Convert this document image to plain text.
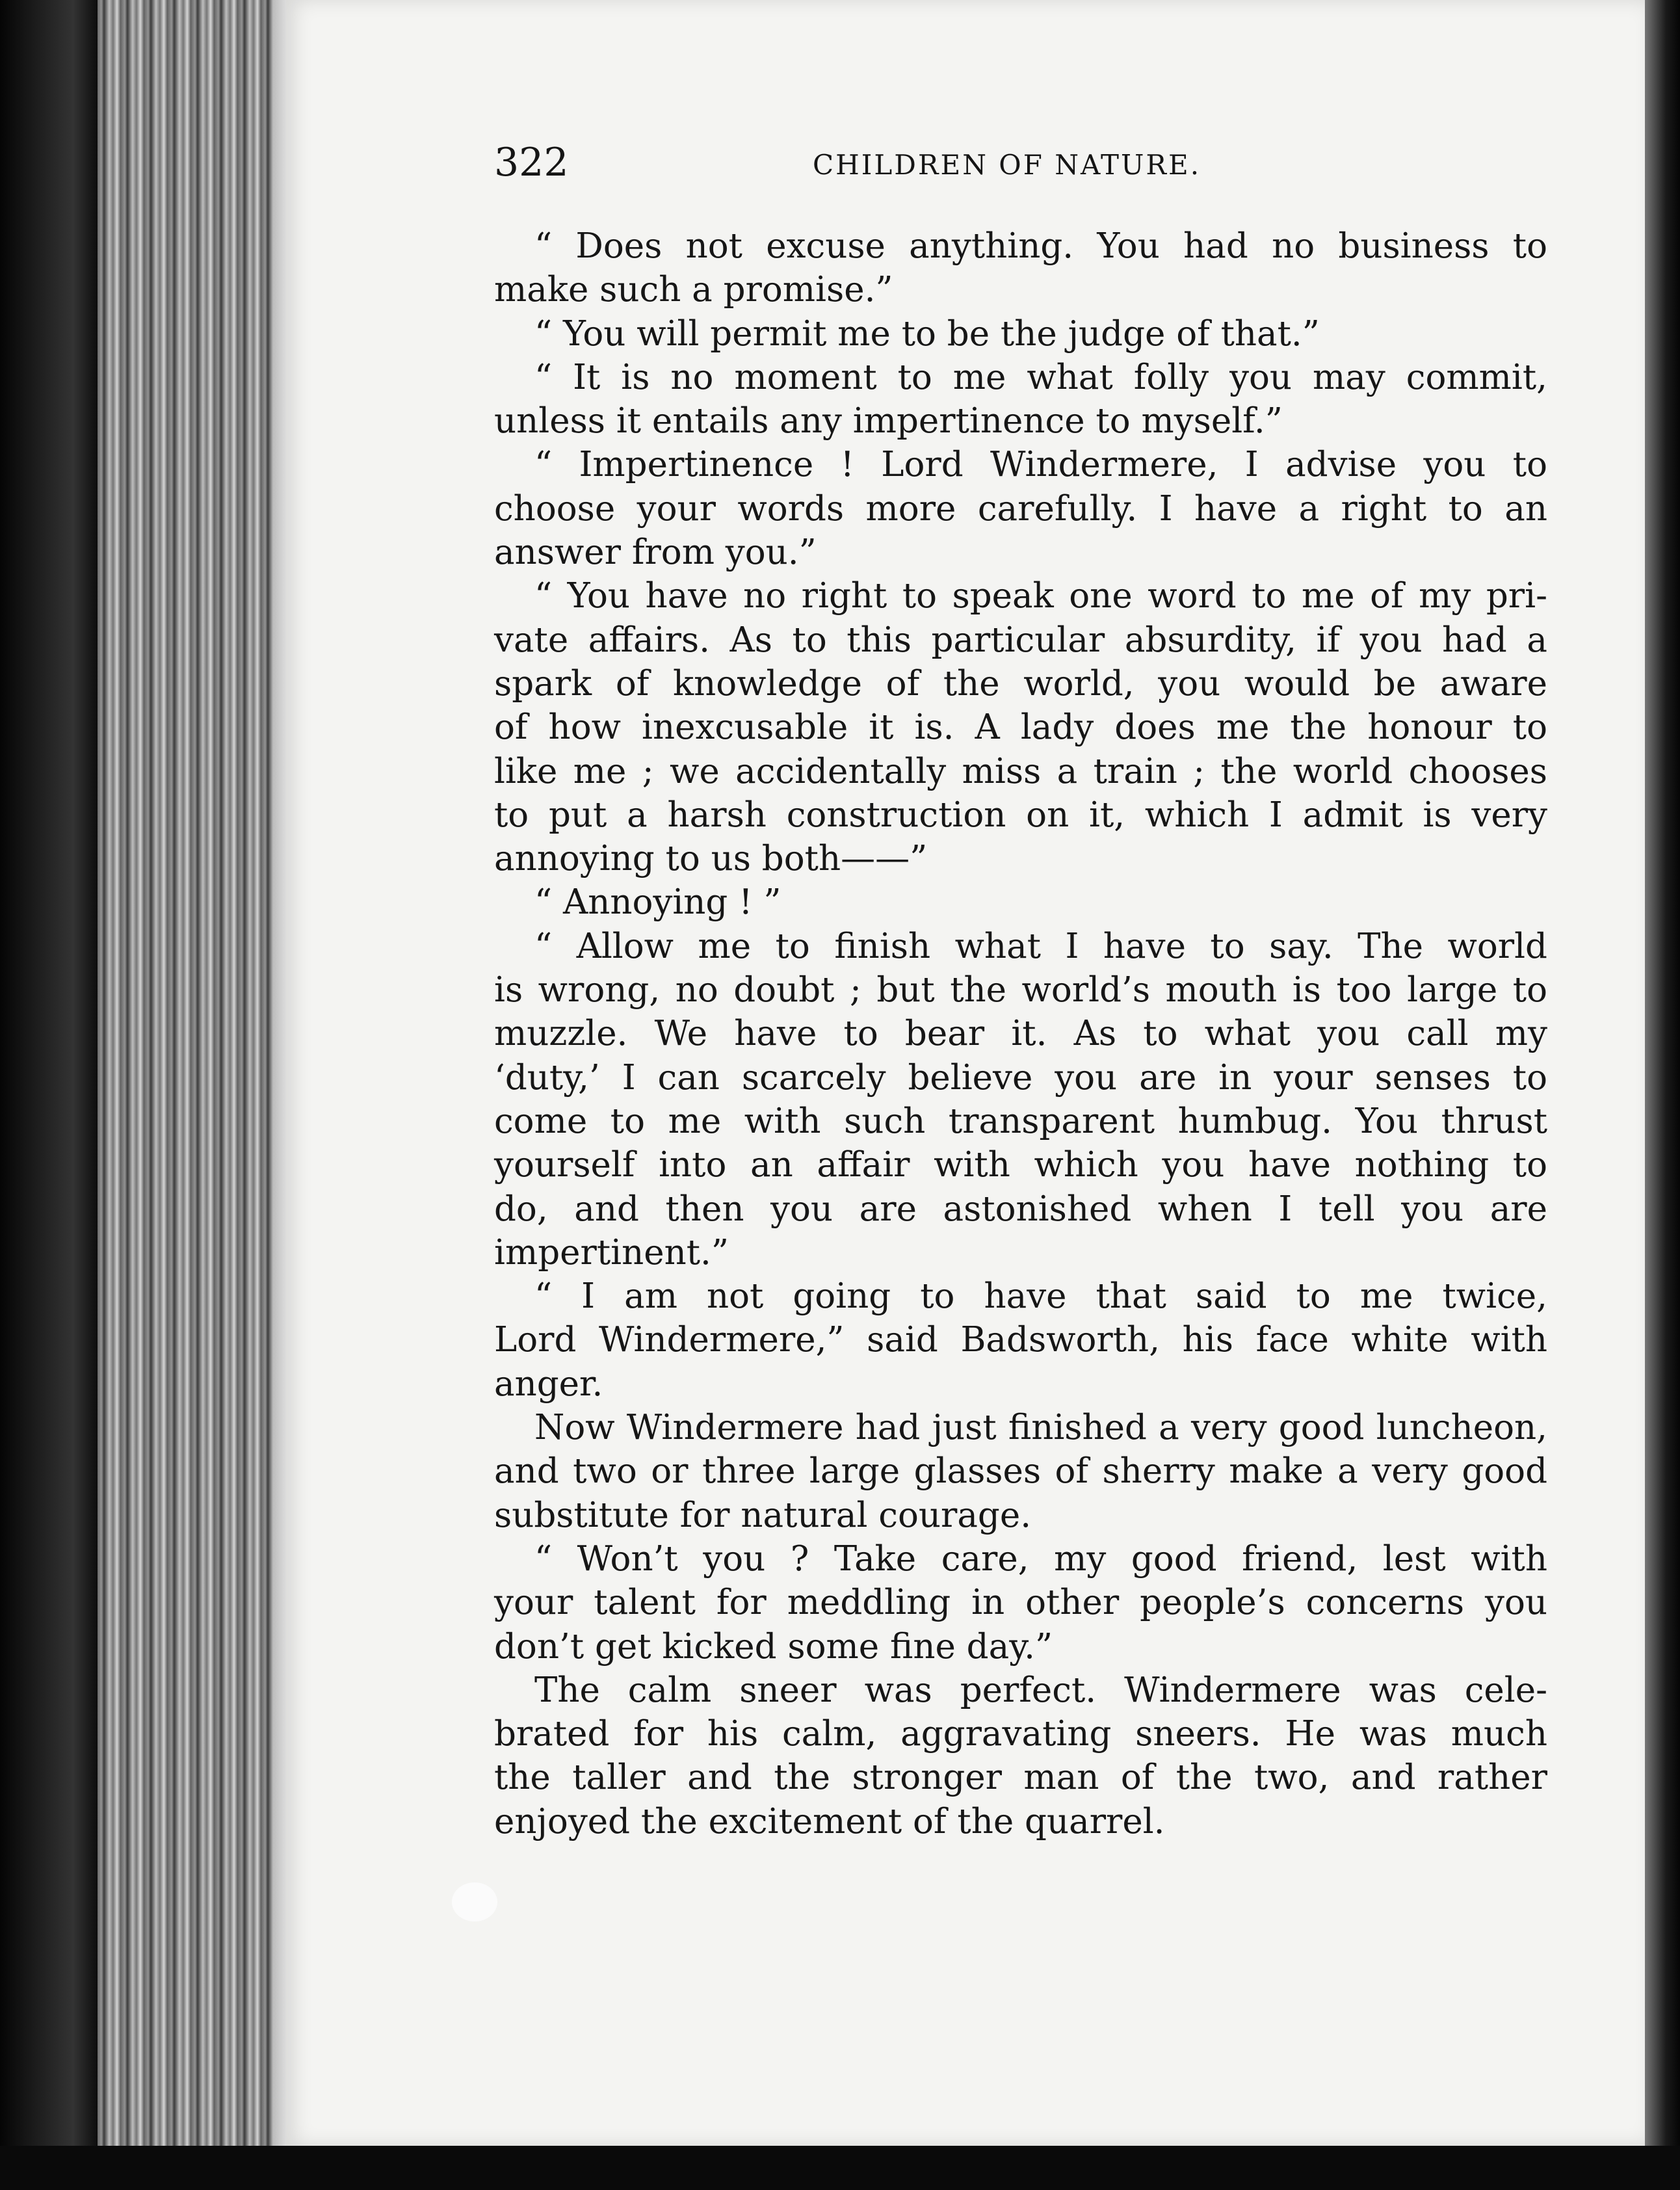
322	CHILDREN OF NATURE.
“ Does not excuse anything. You had no business to
make such a promise.”
“ You will permit me to be the judge of that.”
“ It is no moment to me what folly you may commit,
unless it entails any impertinence to myself.”
“ Impertinence ! Lord Windermere, I advise you to
choose your words more carefully. I have a right to an
answer from you.”
“ You have no right to speak one word to me of my pri-
vate affairs. As to this particular absurdity, if you had a
spark of knowledge of the world, you would be aware
of how inexcusable it is. A lady does me the honour to
like me ; we accidentally miss a train ; the world chooses
to put a harsh construction on it, which I admit is very
annoying to us both——”
“ Annoying ! ”
“ Allow me to finish what I have to say. The world
is wrong, no doubt ; but the world’s mouth is too large to
muzzle. We have to bear it. As to what you call my
‘duty,’ I can scarcely believe you are in your senses to
come to me with such transparent humbug. You thrust
yourself into an affair with which you have nothing to
do, and then you are astonished when I tell you are
impertinent.”
“ I am not going to have that said to me twice,
Lord Windermere,” said Badsworth, his face white with
anger.
Now Windermere had just finished a very good luncheon,
and two or three large glasses of sherry make a very good
substitute for natural courage.
“ Won’t you ? Take care, my good friend, lest with
your talent for meddling in other people’s concerns you
don’t get kicked some fine day.”
The calm sneer was perfect. Windermere was cele-
brated for his calm, aggravating sneers. He was much
the taller and the stronger man of the two, and rather
enjoyed the excitement of the quarrel.
